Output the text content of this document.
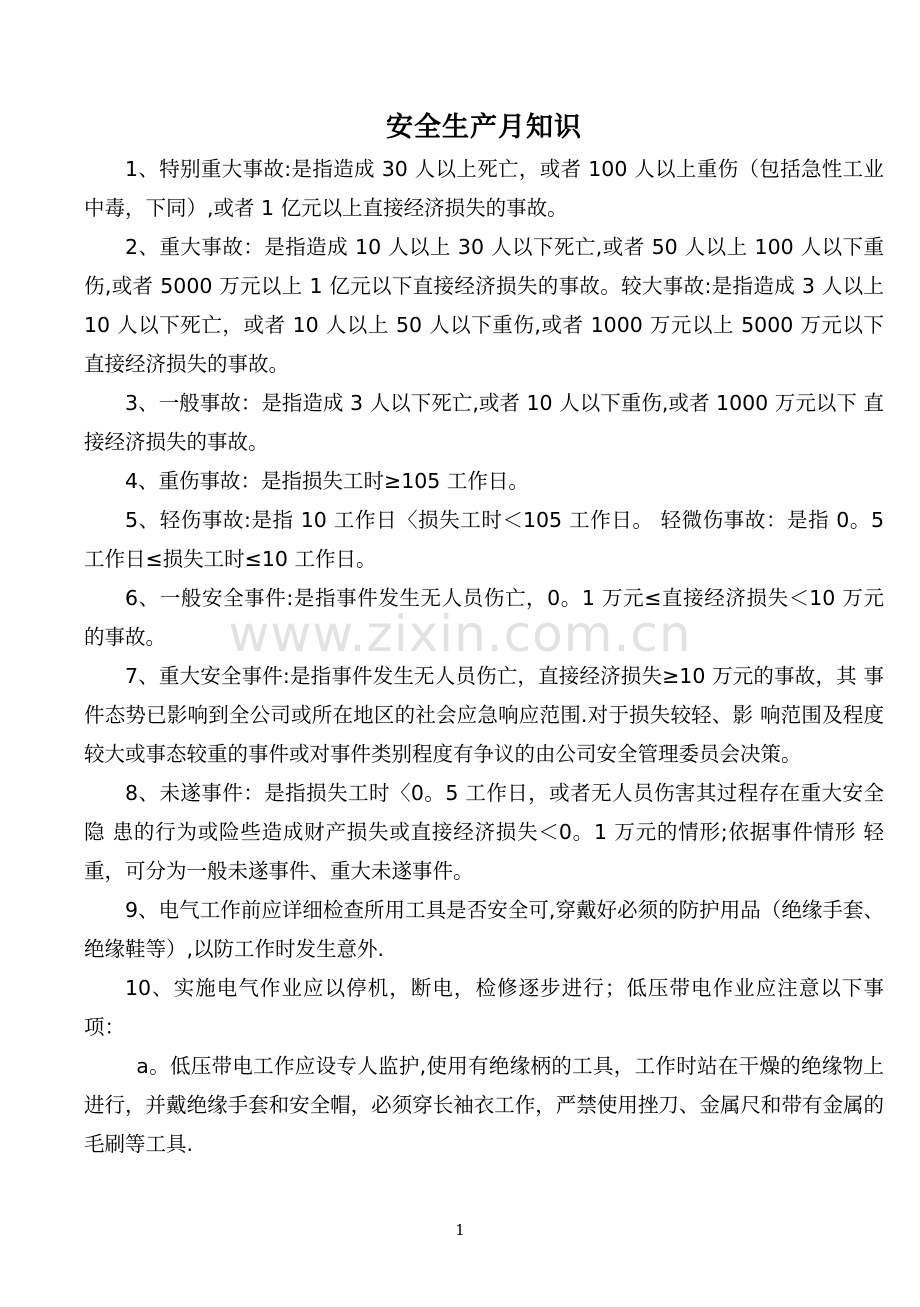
安全生产月知识

1、特别重大事故:是指造成 30 人以上死亡，或者 100 人以上重伤（包括急性工业中毒，下同）,或者 1 亿元以上直接经济损失的事故。

2、重大事故：是指造成 10 人以上 30 人以下死亡,或者 50 人以上 100 人以下重伤,或者 5000 万元以上 1 亿元以下直接经济损失的事故。较大事故:是指造成 3 人以上 10 人以下死亡，或者 10 人以上 50 人以下重伤,或者 1000 万元以上 5000 万元以下直接经济损失的事故。

3、一般事故：是指造成 3 人以下死亡,或者 10 人以下重伤,或者 1000 万元以下 直接经济损失的事故。

4、重伤事故：是指损失工时≥105 工作日。

5、轻伤事故:是指 10 工作日〈损失工时＜105 工作日。 轻微伤事故：是指 0。5 工作日≤损失工时≤10 工作日。

6、一般安全事件:是指事件发生无人员伤亡，0。1 万元≤直接经济损失＜10 万元 的事故。

7、重大安全事件:是指事件发生无人员伤亡，直接经济损失≥10 万元的事故，其 事件态势已影响到全公司或所在地区的社会应急响应范围.对于损失较轻、影 响范围及程度较大或事态较重的事件或对事件类别程度有争议的由公司安全管理委员会决策。

8、未遂事件：是指损失工时〈0。5 工作日，或者无人员伤害其过程存在重大安全隐 患的行为或险些造成财产损失或直接经济损失＜0。1 万元的情形;依据事件情形 轻重，可分为一般未遂事件、重大未遂事件。

9、电气工作前应详细检查所用工具是否安全可,穿戴好必须的防护用品（绝缘手套、绝缘鞋等）,以防工作时发生意外.

10、实施电气作业应以停机，断电，检修逐步进行；低压带电作业应注意以下事项：

a。低压带电工作应设专人监护,使用有绝缘柄的工具，工作时站在干燥的绝缘物上进行，并戴绝缘手套和安全帽，必须穿长袖衣工作，严禁使用挫刀、金属尺和带有金属的毛刷等工具.

www.zixin.com.cn
1
